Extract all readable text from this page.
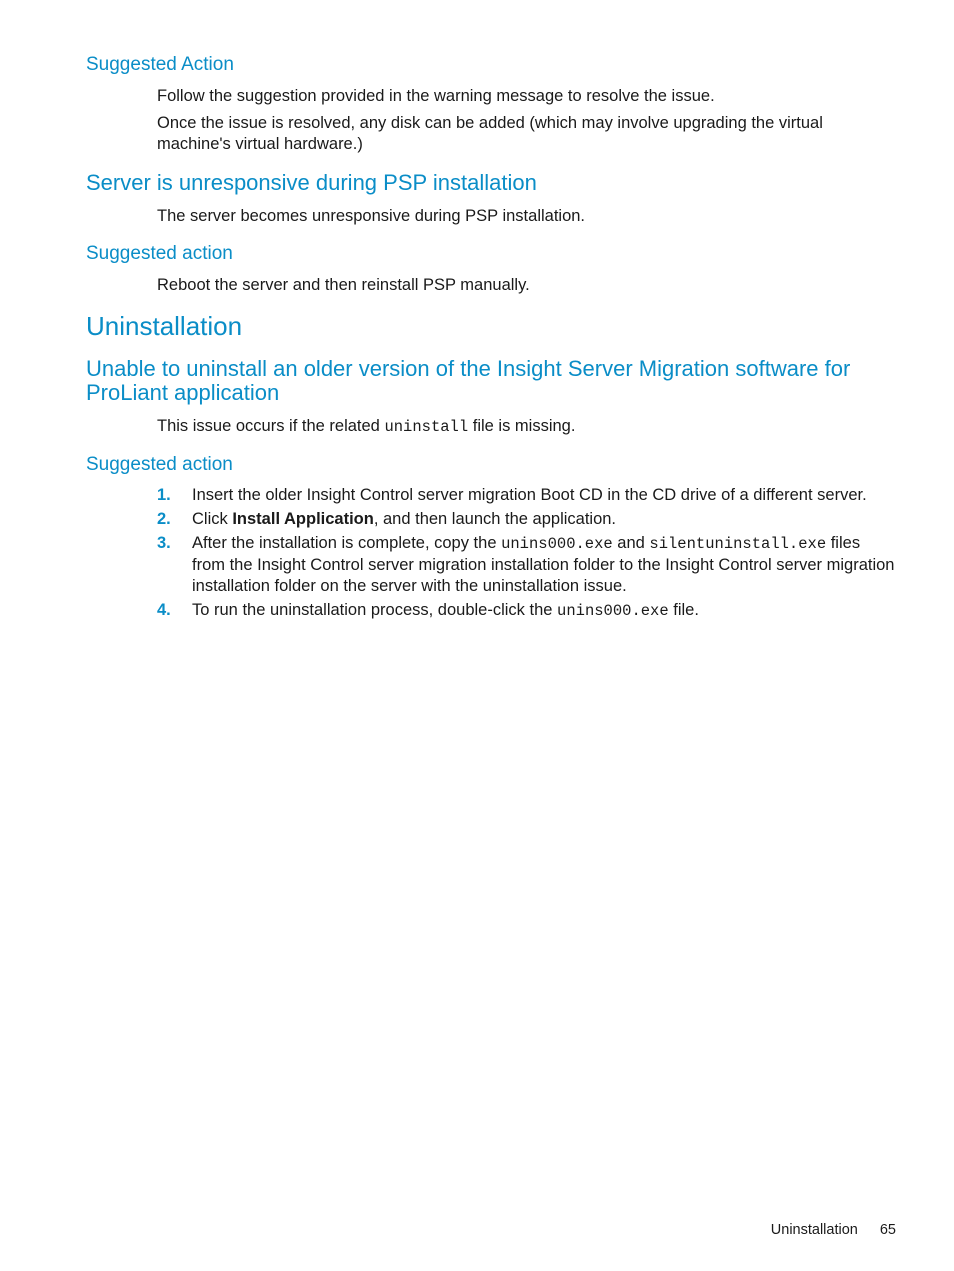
Suggested Action

Follow the suggestion provided in the warning message to resolve the issue.

Once the issue is resolved, any disk can be added (which may involve upgrading the virtual machine's virtual hardware.)

Server is unresponsive during PSP installation

The server becomes unresponsive during PSP installation.

Suggested action

Reboot the server and then reinstall PSP manually.

Uninstallation
Unable to uninstall an older version of the Insight Server Migration software for ProLiant application

This issue occurs if the related uninstall file is missing.

Suggested action
1. Insert the older Insight Control server migration Boot CD in the CD drive of a different server.
2. Click Install Application, and then launch the application.
3. After the installation is complete, copy the unins000.exe and silentuninstall.exe files from the Insight Control server migration installation folder to the Insight Control server migration installation folder on the server with the uninstallation issue.
4. To run the uninstallation process, double-click the unins000.exe file.
Uninstallation 65
